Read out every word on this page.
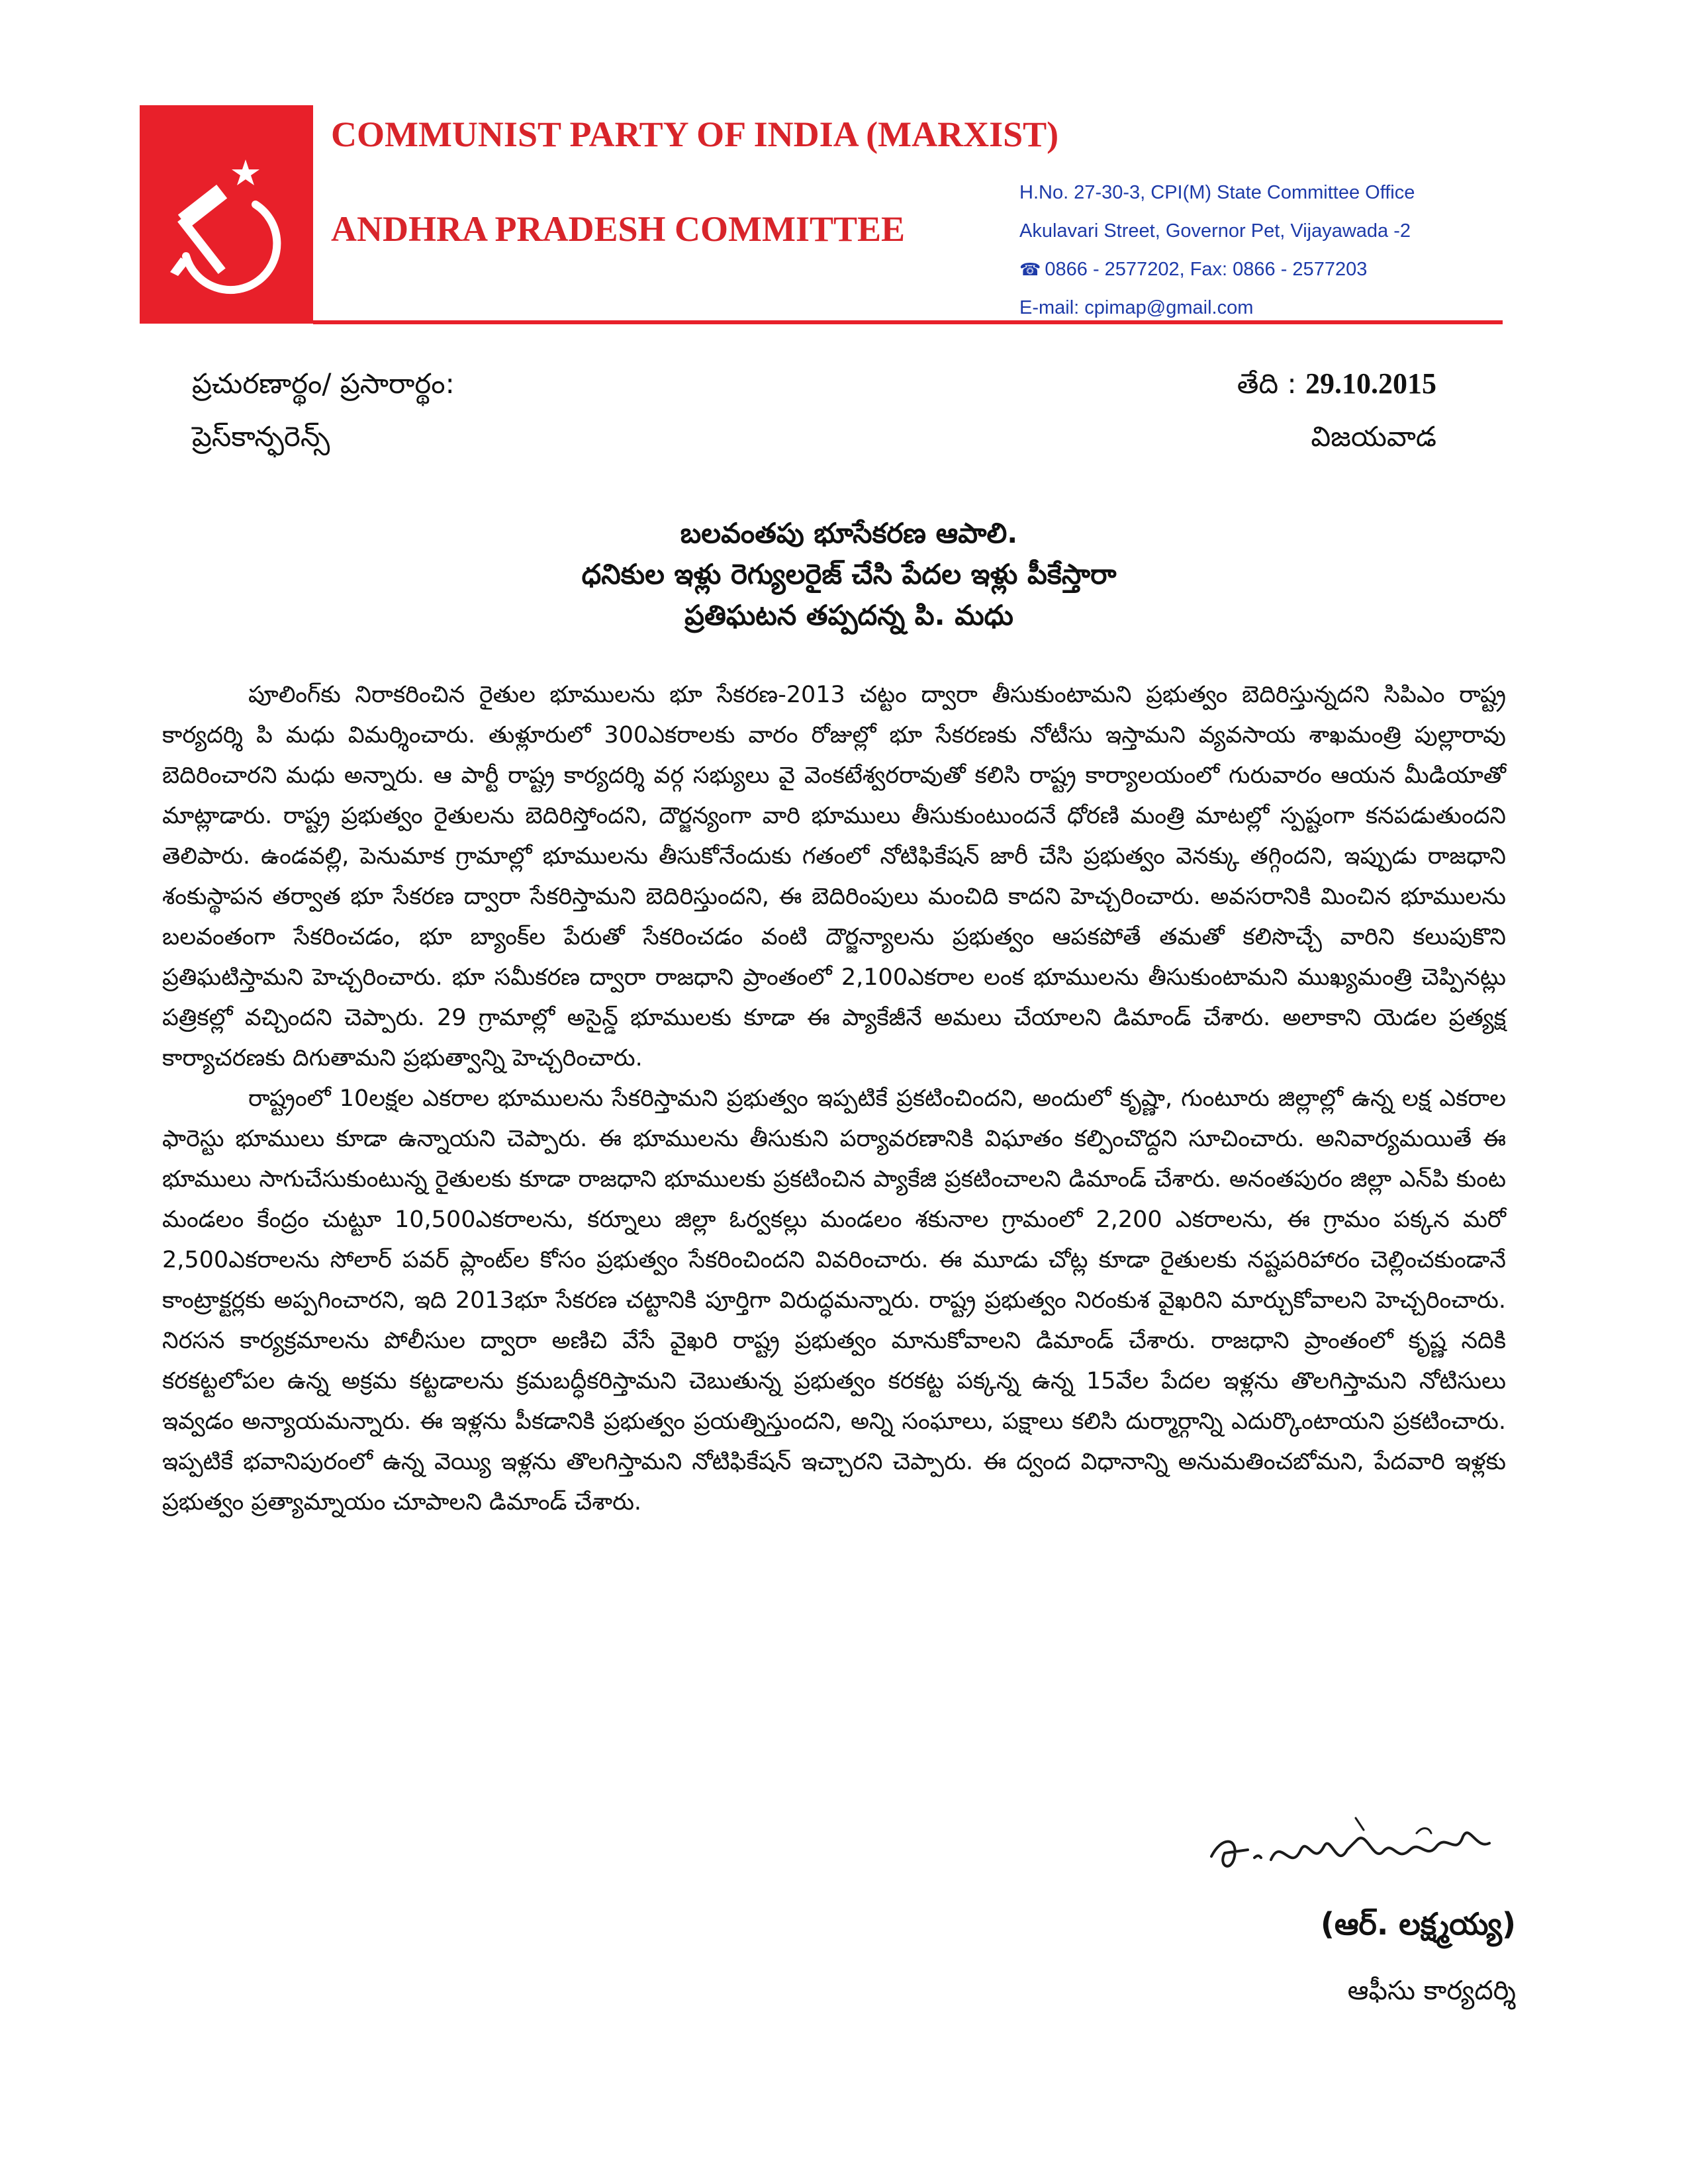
COMMUNIST PARTY OF INDIA (MARXIST)
ANDHRA PRADESH COMMITTEE
H.No. 27-30-3, CPI(M) State Committee Office
Akulavari Street, Governor Pet, Vijayawada -2
☎ 0866 - 2577202, Fax: 0866 - 2577203
E-mail: cpimap@gmail.com
ప్రచురణార్థం/ ప్రసారార్థం:
ప్రెస్‌కాన్ఫరెన్స్
తేది : 29.10.2015
విజయవాడ
బలవంతపు భూసేకరణ ఆపాలి.
ధనికుల ఇళ్లు రెగ్యులరైజ్‌ చేసి పేదల ఇళ్లు పీకేస్తారా
ప్రతిఘటన తప్పదన్న పి. మధు

పూలింగ్‌కు నిరాకరించిన రైతుల భూములను భూ సేకరణ-2013 చట్టం ద్వారా తీసుకుంటామని ప్రభుత్వం బెదిరిస్తున్నదని సిపిఎం రాష్ట్ర కార్యదర్శి పి మధు విమర్శించారు. తుళ్లూరులో 300ఎకరాలకు వారం రోజుల్లో భూ సేకరణకు నోటీసు ఇస్తామని వ్యవసాయ శాఖమంత్రి పుల్లారావు బెదిరించారని మధు అన్నారు. ఆ పార్టీ రాష్ట్ర కార్యదర్శి వర్గ సభ్యులు వై వెంకటేశ్వరరావుతో కలిసి రాష్ట్ర కార్యాలయంలో గురువారం ఆయన మీడియాతో మాట్లాడారు. రాష్ట్ర ప్రభుత్వం రైతులను బెదిరిస్తోందని, దౌర్జన్యంగా వారి భూములు తీసుకుంటుందనే ధోరణి మంత్రి మాటల్లో స్పష్టంగా కనపడుతుందని తెలిపారు. ఉండవల్లి, పెనుమాక గ్రామాల్లో భూములను తీసుకోనేందుకు గతంలో నోటిఫికేషన్‌ జారీ చేసి ప్రభుత్వం వెనక్కు తగ్గిందని, ఇప్పుడు రాజధాని శంకుస్థాపన తర్వాత భూ సేకరణ ద్వారా సేకరిస్తామని బెదిరిస్తుందని, ఈ బెదిరింపులు మంచిది కాదని హెచ్చరించారు. అవసరానికి మించిన భూములను బలవంతంగా సేకరించడం, భూ బ్యాంక్‌ల పేరుతో సేకరించడం వంటి దౌర్జన్యాలను ప్రభుత్వం ఆపకపోతే తమతో కలిసొచ్చే వారిని కలుపుకొని ప్రతిఘటిస్తామని హెచ్చరించారు. భూ సమీకరణ ద్వారా రాజధాని ప్రాంతంలో 2,100ఎకరాల లంక భూములను తీసుకుంటామని ముఖ్యమంత్రి చెప్పినట్లు పత్రికల్లో వచ్చిందని చెప్పారు. 29 గ్రామాల్లో అసైన్డ్‌ భూములకు కూడా ఈ ప్యాకేజీనే అమలు చేయాలని డిమాండ్‌ చేశారు. అలాకాని యెడల ప్రత్యక్ష కార్యాచరణకు దిగుతామని ప్రభుత్వాన్ని హెచ్చరించారు.

రాష్ట్రంలో 10లక్షల ఎకరాల భూములను సేకరిస్తామని ప్రభుత్వం ఇప్పటికే ప్రకటించిందని, అందులో కృష్ణా, గుంటూరు జిల్లాల్లో ఉన్న లక్ష ఎకరాల ఫారెస్టు భూములు కూడా ఉన్నాయని చెప్పారు. ఈ భూములను తీసుకుని పర్యావరణానికి విఘాతం కల్పించొద్దని సూచించారు. అనివార్యమయితే ఈ భూములు సాగుచేసుకుంటున్న రైతులకు కూడా రాజధాని భూములకు ప్రకటించిన ప్యాకేజి ప్రకటించాలని డిమాండ్‌ చేశారు. అనంతపురం జిల్లా ఎన్‌పి కుంట మండలం కేంద్రం చుట్టూ 10,500ఎకరాలను, కర్నూలు జిల్లా ఓర్వకల్లు మండలం శకునాల గ్రామంలో 2,200 ఎకరాలను, ఈ గ్రామం పక్కన మరో 2,500ఎకరాలను సోలార్‌ పవర్‌ ప్లాంట్‌ల కోసం ప్రభుత్వం సేకరించిందని వివరించారు. ఈ మూడు చోట్ల కూడా రైతులకు నష్టపరిహారం చెల్లించకుండానే కాంట్రాక్టర్లకు అప్పగించారని, ఇది 2013భూ సేకరణ చట్టానికి పూర్తిగా విరుద్ధమన్నారు. రాష్ట్ర ప్రభుత్వం నిరంకుశ వైఖరిని మార్చుకోవాలని హెచ్చరించారు. నిరసన కార్యక్రమాలను పోలీసుల ద్వారా అణిచి వేసే వైఖరి రాష్ట్ర ప్రభుత్వం మానుకోవాలని డిమాండ్‌ చేశారు. రాజధాని ప్రాంతంలో కృష్ణ నదికి కరకట్టలోపల ఉన్న అక్రమ కట్టడాలను క్రమబద్ధీకరిస్తామని చెబుతున్న ప్రభుత్వం కరకట్ట పక్కన్న ఉన్న 15వేల పేదల ఇళ్లను తొలగిస్తామని నోటిసులు ఇవ్వడం అన్యాయమన్నారు. ఈ ఇళ్లను పీకడానికి ప్రభుత్వం ప్రయత్నిస్తుందని, అన్ని సంఘాలు, పక్షాలు కలిసి దుర్మార్గాన్ని ఎదుర్కొంటాయని ప్రకటించారు. ఇప్పటికే భవానిపురంలో ఉన్న వెయ్యి ఇళ్లను తొలగిస్తామని నోటిఫికేషన్‌ ఇచ్చారని చెప్పారు. ఈ ద్వంద విధానాన్ని అనుమతించబోమని, పేదవారి ఇళ్లకు ప్రభుత్వం ప్రత్యామ్నాయం చూపాలని డిమాండ్‌ చేశారు.

(ఆర్‌. లక్ష్మయ్య)
ఆఫీసు కార్యదర్శి
